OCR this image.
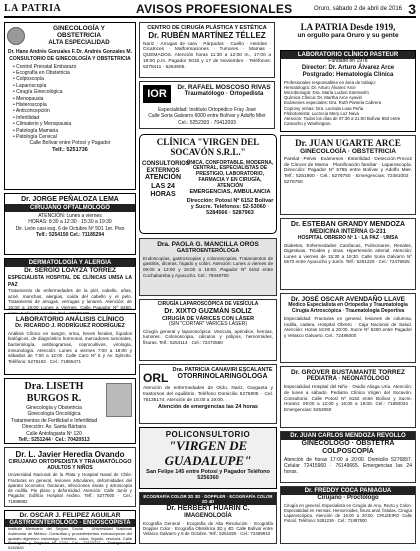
LA PATRIA	AVISOS PROFESIONALES	Oruro, sábado 2 de abril de 2016 3
GINECOLOGÍA Y
OBSTETRICIA
ALTA ESPECIALIDAD
Dr. Hans Andrés Gonzales F. Dr. Andrés Gonzales M.
CONSULTORIO DE GINECOLOGÍA Y OBSTETRICIA
• Control Prenatal Embarazo
• Ecografía en Obstetricia
• Colposcopía
• Laparoscopía
• Cirugía Ginecológica
• Menopausia
• Histeroscopía
• Anticoncepción
• Infertilidad
• Climaterio y Menopausia
• Patología Mamaria
• Patología Cervical
Calle Bolívar entre Potosí y Pagador
Telf.: 5251736
Dr. JORGE PEÑALOZA LEMA
CIRUJANO OFTALMÓLOGO
ATENCIÓN: Lunes a viernes
HORAS: 8:30 a 12:30 · 15:30 a 19:30
Dir. León casi esq. 6 de Octubre Nº 501 1er. Piso
Telf.: 5254150 Cel.: 71185294
DERMATOLOGÍA Y ALERGIA
Dr. SERGIO LOAYZA TORREZ
ESPECIALISTA HOSPITAL DE CLÍNICAS UMSA LA PAZ
Tratamiento de enfermedades de la piel, cabello, uñas, acné, manchas, alergias, caída del cabello y el pelo. Tratamiento de arrugas, verrugas y lunares. Atención: de 15:00 a 19:00 Lunes a Viernes. Calle Pagador Nº 6250,
LABORATORIO ANÁLISIS CLÍNICO
Dr. RICARDO J. RODRÍGUEZ RODRÍGUEZ
Análisis Clínico en sangre, orina, heces fecales, líquidos biológicos, de diagnóstico hormonal, marcadores tumorales, bacteriología, antibiogramas, coprocultivos, virología, inmunología. Atención: Lunes a viernes 7:00 a 18:00 y sábados de 7:00 a 12:00. Calle Caro Nº 5 y Av. Ejército. Teléfono: 5276163 · Cel.: 71865471
Dra. LISETH BURGOS R.
Ginecología y Obstetricia
Ginecología Oncológica
Tratamientos de Fertilidad e Infertilidad
Dirección: Av. Santa Bárbara
Calle Antofagasta Nº 120
Telf.: 5251244 · Cel.: 70420513
Dr. L. Javier Heredia Ovando
CIRUJANO ORTOPEDISTA Y TRAUMATÓLOGO
ADULTOS Y NIÑOS
Universidad Nacional de la Plata y Hospital Naval de Chile. Fracturas en general, lesiones articulares, deformidades del aparato locomotor, fracturas, infecciones óseas y artroscopía de rodilla. Pie plano y deformidad. Atención: Calle Junín y Pagador, Edificio Hospital Andino. Telf.: 5277000 · Cel.: 71888882
Dr. OSCAR J. FELIPEZ AGUILAR
GASTROENTERÓLOGO · ENDOSCOPISTA
Instituto Mexicano del Seguro Social · Universidad Nacional Autónoma de México. Consultas y procedimientos endoscópicos del aparato digestivo: estomago, intestino, colon, hígado, vesícula. Calle Rodríguez y Pagador Nº 1234. Cel.: 72473777 · Emergencias: 5262826
CENTRO DE CIRUGÍA PLÁSTICA Y ESTÉTICA
Dr. RUBÉN MARTÍNEZ TÉLLEZ
Nariz · Arrugas de cara · Párpados · Cuello · Heridas · Cicatrices · Malformaciones · Tumores · Mamas · QUEMADOS. Atención horas 11:30 a 12:00 m., 17:00 a 19:00 p.m. Pagador 5015 y 17 de Noviembre · Teléfonos: 5278411 · 5264605.
IOR
Dr. RAFAEL MOSCOSO RIVAS
Traumatólogo · Ortopedista
Especialidad: Instituto Ortopédico Fray José
Calle Soria Galvarro 6000 entre Bolívar y Adolfo Mier
Cel.: 5252303 · 70412093
CLÍNICA "VIRGEN DEL SOCAVÓN S.R.L."
CONSULTORIOS
EXTERNOS
ATENCIÓN
LAS 24 HORAS
ÚNICA, CONFORTABLE, MODERNA, CENTRAL, ESPECIALISTAS DE PRESTIGIO, LABORATORIO, FARMACIA Y EN CIRUGÍA, ATENCIÓN
EMERGENCIAS, AMBULANCIA
Dirección: Potosí Nº 6152 Bolívar y Sucre. Teléfonos: 52-53060 · 5284566 · 5287963
Dra. PAOLA G. MANCILLA OROS
GASTROENTERÓLOGA
Endoscopías, gastroscopias y colonoscopías. Tratamientos de gastritis, úlceras, hígado y colón. Atención: Lunes a viernes de 09:00 a 13:00 y 15:00 a 19:00. Pagador Nº 6152 entre Cochabamba y Ayacucho. Cel.: 79449700
CIRUGÍA LAPAROSCÓPICA DE VESÍCULA
Dr. XIXTO GUZMÁN SOLIZ
CIRUGÍA DE VÁRICES CON LÁSER
(SIN "CORTAR" VARICES LÁSER)
Cirugía general y laparoscópica: Vesícula, apéndice, hernias, tumores. Colonoscopia, cálculos y pólipos, hemorroides, fisuras. Telf.: 5254114 · Cel.: 72473580
ORL
Dra. PATRICIA CANAVIRI ESCALANTE
OTORRINOLARINGÓLOGA
Atención de enfermedades de Oído, Nariz, Garganta y trastornos del equilibrio. Teléfono Domicilio 5276905 · Cel. 76135174. Atención de 15:00 a 19:00.
Atención de emergencias las 24 horas
POLICONSULTORIO
"VIRGEN DE
GUADALUPE"
San Felipe 145 entre Potosí y Pagador Teléfono 5256360
ECOGRAFÍA COLOR 2D 3D · DOPPLER · ECOGRAFÍA COLOR 2D 4D
Dr. HERBERT HUARIN C.
IMAGENOLOGÍA
Ecografía General · Ecografía de Alta Resolución · Ecografía Doppler Color · Ecografía Obstétrica 3D y 4D. Calle Bolívar entre Velasco Galvarro y 6 de Octubre. Telf.: 5251825 · Cel.: 72469910
LA PATRIA Desde 1919,
un orgullo para Oruro y su gente
LABORATORIO CLÍNICO PASTEUR
Fundado en 1978
Director: Dr. Arturo Álvarez Arce
Postgrado: Hematología Clínica
Profesionales responsables en área de trabajo:
Hematología: Dr. Arturo Álvarez Arce
Microbiología: Dra. María Ludosi Sanmartín
Química Clínica: Dr. Martha Arce Ayaviri
Exámenes especiales: Dra. Ruth Pamela Cabrera
Coprosy orinas: Dra. Lucinda Lusa Peña
Flebotomista: Lucrecia Mery Luz Nava
Atención: Todos los días de 07:30 a 21:00 Bolívar 853 entre Camacho y Washington.
Dr. JUAN UGARTE ARCE
GINECOLOGÍA · OBSTETRICIA
Parelat · Pelvis · Exámenes · Esterilidad · Detección Precoz de Cáncer de Mama · Planificación familiar · Laparoscopía. Dirección: Pagador Nº 5765 entre Bolívar y Adolfo Mier. Telf.: 5251800 · Cel.: 5276750 · Emergencias: 72481002 · 5276750
Dr. ESTEBAN GRANDY MENDOZA
MEDICINA INTERNA G-231
HOSPITAL OBRERO Nº 1 · LA PAZ · UMSA
Diabetes, Enfermedades Cardíacas, Pulmonares, Renales, Digestivas, Tiroides y otras. Hipertensión arterial. Atención: Lunes a viernes de 15:30 a 19:30. Calle Soria Galvarro Nº 5570 entre Ayacucho y Junín. Telf.: 5261225 · Cel.: 72478825
Dr. JOSÉ OSCAR AVENDAÑO LLAVE
Médico Especialista en Ortopedia y Traumatología
Cirugía Artroscópica · Traumatología Deportiva
Especialidad: Fracturas en general, lesiones de columna, rodilla, cadera. Hospital Obrero · Caja Nacional de Salud. Atención: Horas 16:00 a 20:00. Sucre Nº 5200 entre Pagador y Velasco Galvarro. Cel.: 72486000
Dr. GROVER BUSTAMANTE TORREZ
PEDIATRA · NEONATÓLOGO
Especialidad Hospital del Niño · Ovidio Aliaga Uría. Atención: de lunes a sábado. Pediatra Clínica Virgen del Socavón. Consultorio: Calle Potosí Nº 6152 entre Bolívar y Sucre. Horario: 09:00 a 12:00 y 16:00 a 19:00. Cel.: 71850034 · Emergencias: 5253060
Dr. JUAN CARLOS MENDOZA REVOLLO
GINECÓLOGO · OBSTETRA
COLPOSCOPÍA
Atención de horas 17:00 a 20:00. Domicilio 5276897. Celular 72415960 · 76149665. Emergencias las 24 horas.
Dr. FREDDY COCA PANIAGUA
Cirujano · Proctólogo
Cirugía en general. Especialista en Cirugía de Ano, Recto y Colon. Especialidad en Hernias. Hemorroides, fisura anal, fistulas. Cirugía Laparoscópica. Atención de 15:00 a 20:00. CRUZEIRO Calle Potosí. Teléfono: 5281236 · Cel.: 72487600
